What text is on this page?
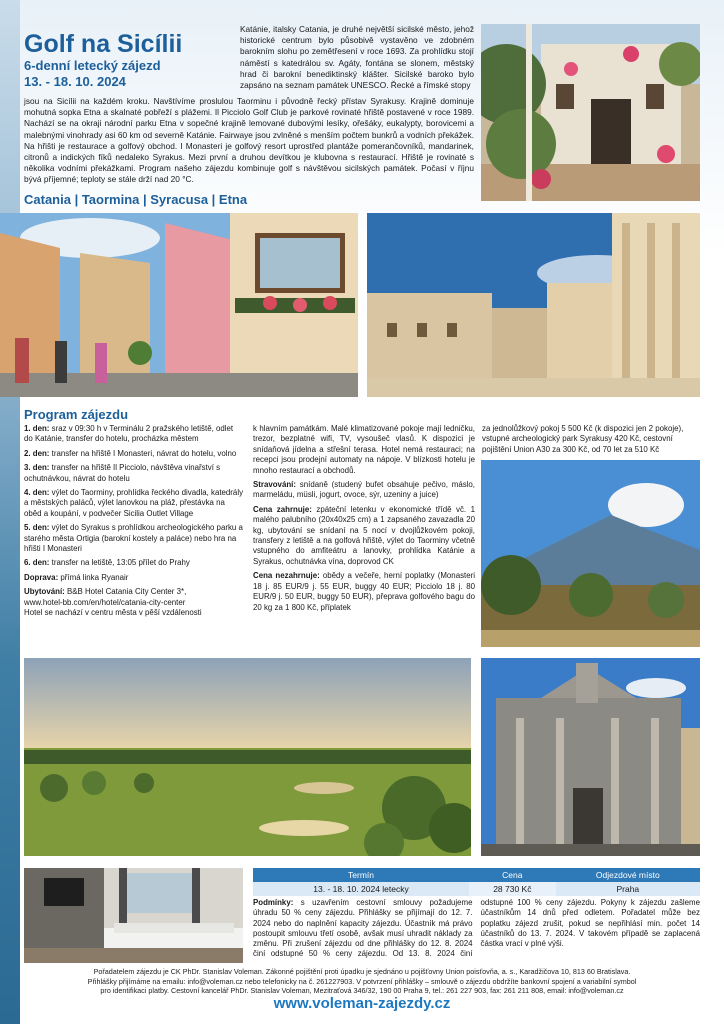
Golf na Sicílii
6-denní letecký zájezd
13. - 18. 10. 2024
Katánie, italsky Catania, je druhé největší sicilské město, jehož historické centrum bylo působivě vystavěno ve zdobném barokním slohu po zemětřesení v roce 1693. Za prohlídku stojí náměstí s katedrálou sv. Agáty, fontána se slonem, městský hrad či barokní benediktinský klášter. Sicilské baroko bylo zapsáno na seznam památek UNESCO. Řecké a římské stopy
jsou na Sicílii na každém kroku. Navštívíme proslulou Taorminu i původně řecký přístav Syrakusy. Krajině dominuje mohutná sopka Etna a skalnaté pobřeží s plážemi. Il Picciolo Golf Club je parkové rovinaté hřiště postavené v roce 1989. Nachází se na okraji národní parku Etna v sopečné krajině lemované dubovými lesíky, ořešáky, eukalypty, borovicemi a malebnými vinohrady asi 60 km od severně Katánie. Fairwaye jsou zvlněné s menším počtem bunkrů a vodních překážek. Na hřišti je restaurace a golfový obchod. I Monasteri je golfový resort uprostřed plantáže pomerančovníků, mandarinek, citronů a indických fíků nedaleko Syrakus. Mezi první a druhou devítkou je klubovna s restaurací. Hřiště je rovinaté s několika vodními překážkami. Program našeho zájezdu kombinuje golf s návštěvou sicilských památek. Počasí v říjnu bývá příjemné; teploty se stále drží nad 20 °C.
Catania | Taormina | Syracusa | Etna
Program zájezdu

1. den: sraz v 09:30 h v Terminálu 2 pražského letiště, odlet do Katánie, transfer do hotelu, procházka městem

2. den: transfer na hřiště I Monasteri, návrat do hotelu, volno

3. den: transfer na hřiště Il Picciolo, návštěva vinařství s ochutnávkou, návrat do hotelu

4. den: výlet do Taorminy, prohlídka řeckého divadla, katedrály a městských paláců, výlet lanovkou na pláž, přestávka na oběd a koupání, v podvečer Sicilia Outlet Village

5. den: výlet do Syrakus s prohlídkou archeologického parku a starého města Ortigia (barokní kostely a paláce) nebo hra na hřišti I Monasteri

6. den: transfer na letiště, 13:05 přílet do Prahy

Doprava: přímá linka Ryanair

Ubytování: B&B Hotel Catania City Center 3*,
www.hotel-bb.com/en/hotel/catania-city-center
Hotel se nachází v centru města v pěší vzdálenosti

k hlavním památkám. Malé klimatizované pokoje mají ledničku, trezor, bezplatné wifi, TV, vysoušeč vlasů. K dispozici je snídaňová jídelna a střešní terasa. Hotel nemá restauraci; na recepci jsou prodejní automaty na nápoje. V blízkosti hotelu je mnoho restaurací a obchodů.

Stravování: snídaně (studený bufet obsahuje pečivo, máslo, marmeládu, müsli, jogurt, ovoce, sýr, uzeniny a juice)

Cena zahrnuje: zpáteční letenku v ekonomické třídě vč. 1 malého palubního (20x40x25 cm) a 1 zapsaného zavazadla 20 kg, ubytování se snídaní na 5 nocí v dvojlůžkovém pokoji, transfery z letiště a na golfová hřiště, výlet do Taorminy včetně vstupného do amfiteátru a lanovky, prohlídka Katánie a Syrakus, ochutnávka vína, doprovod CK

Cena nezahrnuje: obědy a večeře, herní poplatky (Monasteri 18 j. 85 EUR/9 j. 55 EUR, buggy 40 EUR; Picciolo 18 j. 80 EUR/9 j. 50 EUR, buggy 50 EUR), přeprava golfového bagu do 20 kg za 1 800 Kč, příplatek

za jednolůžkový pokoj 5 500 Kč (k dispozici jen 2 pokoje), vstupné archeologický park Syrakusy 420 Kč, cestovní pojištění Union A30 za 300 Kč, od 70 let za 510 Kč

Termín	Cena	Odjezdové místo
13. - 18. 10. 2024 letecky	28 730 Kč	Praha
Podmínky: s uzavřením cestovní smlouvy požadujeme úhradu 50 % ceny zájezdu. Přihlášky se přijímají do 12. 7. 2024 nebo do naplnění kapacity zájezdu. Účastník má právo postoupit smlouvu třetí osobě, avšak musí uhradit náklady za změnu. Při zrušení zájezdu od dne přihlášky do 12. 8. 2024 činí odstupné 50 % ceny zájezdu. Od 13. 8. 2024 činí odstupné 100 % ceny zájezdu. Pokyny k zájezdu zašleme účastníkům 14 dnů před odletem. Pořadatel může bez poplatku zájezd zrušit, pokud se nepřihlásí min. počet 14 účastníků do 13. 7. 2024. V takovém případě se zaplacená částka vrací v plné výši.
Pořadatelem zájezdu je CK PhDr. Stanislav Voleman. Zákonné pojištění proti úpadku je sjednáno u pojišťovny Union poisťovňa, a. s., Karadžičova 10, 813 60 Bratislava.
Přihlášky přijímáme na emailu: info@voleman.cz nebo telefonicky na č. 261227903. V potvrzení přihlášky – smlouvě o zájezdu obdržíte bankovní spojení a variabilní symbol
pro identifikaci platby. Cestovní kancelář PhDr. Stanislav Voleman, Mezitraťová 346/32, 190 00 Praha 9, tel.: 261 227 903, fax: 261 211 808, email: info@voleman.cz
www.voleman-zajezdy.cz
